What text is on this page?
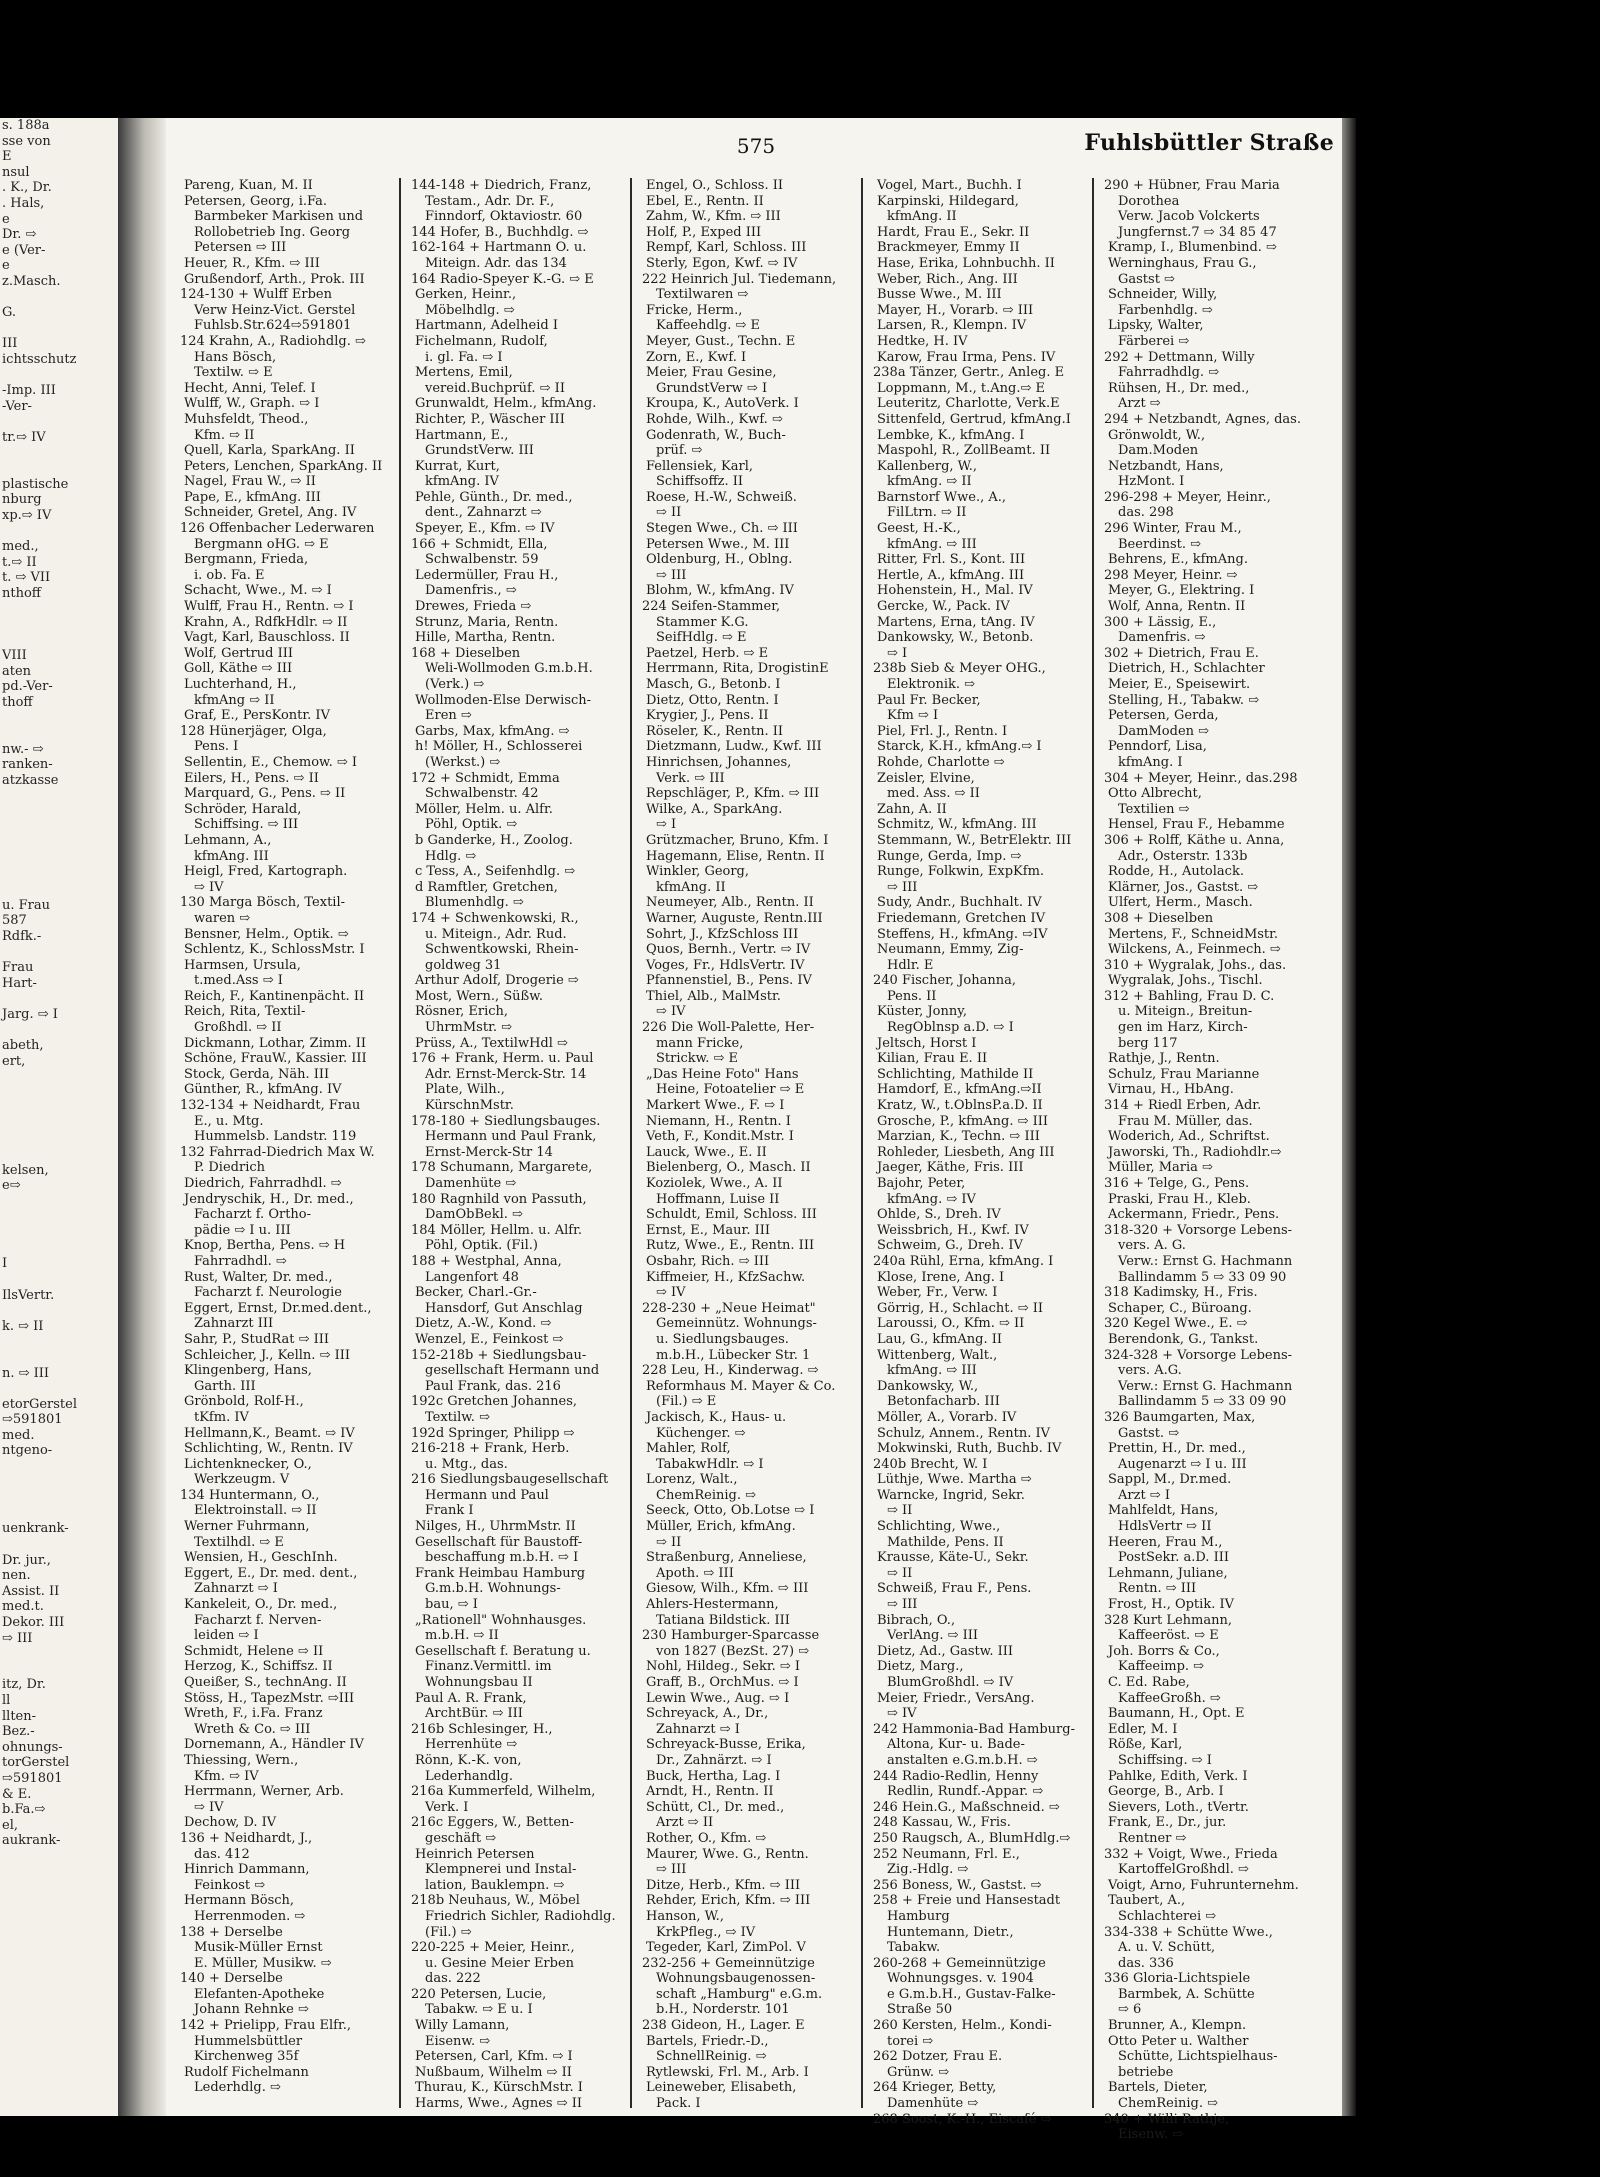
s. 188a
sse von
E
nsul
. K., Dr.
. Hals,
e
Dr. ⇨
e (Ver-
e
z.Masch.

G.

III
ichtsschutz

-Imp. III
-Ver-

tr.⇨ IV

plastische
nburg
xp.⇨ IV

med.,
t.⇨ II
t. ⇨ VII
nthoff

VIII
aten
pd.-Ver-
thoff

nw.- ⇨
ranken-
atzkasse

u. Frau
587
Rdfk.-

Frau
Hart-

Jarg. ⇨ I

abeth,
ert,

kelsen,
e⇨

I

IlsVertr.

k. ⇨ II

n. ⇨ III

etorGerstel
⇨591801
med.
ntgeno-

uenkrank-

Dr. jur.,
nen.
Assist. II
med.t.
Dekor. III
⇨ III

itz, Dr.
ll
llten-
Bez.-
ohnungs-
torGerstel
⇨591801
& E.
b.Fa.⇨
el,
aukrank-
575	Fuhlsbüttler Straße
Pareng, Kuan, M. II
Petersen, Georg, i.Fa.
Barmbeker Markisen und
Rollobetrieb Ing. Georg
Petersen ⇨ III
Heuer, R., Kfm. ⇨ III
Grußendorf, Arth., Prok. III
124-130 + Wulff Erben
Verw Heinz-Vict. Gerstel
Fuhlsb.Str.624⇨591801
124 Krahn, A., Radiohdlg. ⇨
Hans Bösch,
Textilw. ⇨ E
Hecht, Anni, Telef. I
Wulff, W., Graph. ⇨ I
Muhsfeldt, Theod.,
Kfm. ⇨ II
Quell, Karla, SparkAng. II
Peters, Lenchen, SparkAng. II
Nagel, Frau W., ⇨ II
Pape, E., kfmAng. III
Schneider, Gretel, Ang. IV
126 Offenbacher Lederwaren
Bergmann oHG. ⇨ E
Bergmann, Frieda,
i. ob. Fa. E
Schacht, Wwe., M. ⇨ I
Wulff, Frau H., Rentn. ⇨ I
Krahn, A., RdfkHdlr. ⇨ II
Vagt, Karl, Bauschloss. II
Wolf, Gertrud III
Goll, Käthe ⇨ III
Luchterhand, H.,
kfmAng ⇨ II
Graf, E., PersKontr. IV
128 Hünerjäger, Olga,
Pens. I
Sellentin, E., Chemow. ⇨ I
Eilers, H., Pens. ⇨ II
Marquard, G., Pens. ⇨ II
Schröder, Harald,
Schiffsing. ⇨ III
Lehmann, A.,
kfmAng. III
Heigl, Fred, Kartograph.
⇨ IV
130 Marga Bösch, Textil-
waren ⇨
Bensner, Helm., Optik. ⇨
Schlentz, K., SchlossMstr. I
Harmsen, Ursula,
t.med.Ass ⇨ I
Reich, F., Kantinenpächt. II
Reich, Rita, Textil-
Großhdl. ⇨ II
Dickmann, Lothar, Zimm. II
Schöne, FrauW., Kassier. III
Stock, Gerda, Näh. III
Günther, R., kfmAng. IV
132-134 + Neidhardt, Frau
E., u. Mtg.
Hummelsb. Landstr. 119
132 Fahrrad-Diedrich Max W.
P. Diedrich
Diedrich, Fahrradhdl. ⇨
Jendryschik, H., Dr. med.,
Facharzt f. Ortho-
pädie ⇨ I u. III
Knop, Bertha, Pens. ⇨ H
Fahrradhdl. ⇨
Rust, Walter, Dr. med.,
Facharzt f. Neurologie
Eggert, Ernst, Dr.med.dent.,
Zahnarzt III
Sahr, P., StudRat ⇨ III
Schleicher, J., Kelln. ⇨ III
Klingenberg, Hans,
Garth. III
Grönbold, Rolf-H.,
tKfm. IV
Hellmann,K., Beamt. ⇨ IV
Schlichting, W., Rentn. IV
Lichtenknecker, O.,
Werkzeugm. V
134 Huntermann, O.,
Elektroinstall. ⇨ II
Werner Fuhrmann,
Textilhdl. ⇨ E
Wensien, H., GeschInh.
Eggert, E., Dr. med. dent.,
Zahnarzt ⇨ I
Kankeleit, O., Dr. med.,
Facharzt f. Nerven-
leiden ⇨ I
Schmidt, Helene ⇨ II
Herzog, K., Schiffsz. II
Queißer, S., technAng. II
Stöss, H., TapezMstr. ⇨III
Wreth, F., i.Fa. Franz
Wreth & Co. ⇨ III
Dornemann, A., Händler IV
Thiessing, Wern.,
Kfm. ⇨ IV
Herrmann, Werner, Arb.
⇨ IV
Dechow, D. IV
136 + Neidhardt, J.,
das. 412
Hinrich Dammann,
Feinkost ⇨
Hermann Bösch,
Herrenmoden. ⇨
138 + Derselbe
Musik-Müller Ernst
E. Müller, Musikw. ⇨
140 + Derselbe
Elefanten-Apotheke
Johann Rehnke ⇨
142 + Prielipp, Frau Elfr.,
Hummelsbüttler
Kirchenweg 35f
Rudolf Fichelmann
Lederhdlg. ⇨
144-148 + Diedrich, Franz,
Testam., Adr. Dr. F.,
Finndorf, Oktaviostr. 60
144 Hofer, B., Buchhdlg. ⇨
162-164 + Hartmann O. u.
Miteign. Adr. das 134
164 Radio-Speyer K.-G. ⇨ E
Gerken, Heinr.,
Möbelhdlg. ⇨
Hartmann, Adelheid I
Fichelmann, Rudolf,
i. gl. Fa. ⇨ I
Mertens, Emil,
vereid.Buchprüf. ⇨ II
Grunwaldt, Helm., kfmAng.
Richter, P., Wäscher III
Hartmann, E.,
GrundstVerw. III
Kurrat, Kurt,
kfmAng. IV
Pehle, Günth., Dr. med.,
dent., Zahnarzt ⇨
Speyer, E., Kfm. ⇨ IV
166 + Schmidt, Ella,
Schwalbenstr. 59
Ledermüller, Frau H.,
Damenfris., ⇨
Drewes, Frieda ⇨
Strunz, Maria, Rentn.
Hille, Martha, Rentn.
168 + Dieselben
Weli-Wollmoden G.m.b.H.
(Verk.) ⇨
Wollmoden-Else Derwisch-
Eren ⇨
Garbs, Max, kfmAng. ⇨
h! Möller, H., Schlosserei
(Werkst.) ⇨
172 + Schmidt, Emma
Schwalbenstr. 42
Möller, Helm. u. Alfr.
Pöhl, Optik. ⇨
b Ganderke, H., Zoolog.
Hdlg. ⇨
c Tess, A., Seifenhdlg. ⇨
d Ramftler, Gretchen,
Blumenhdlg. ⇨
174 + Schwenkowski, R.,
u. Miteign., Adr. Rud.
Schwentkowski, Rhein-
goldweg 31
Arthur Adolf, Drogerie ⇨
Most, Wern., Süßw.
Rösner, Erich,
UhrmMstr. ⇨
Prüss, A., TextilwHdl ⇨
176 + Frank, Herm. u. Paul
Adr. Ernst-Merck-Str. 14
Plate, Wilh.,
KürschnMstr.
178-180 + Siedlungsbauges.
Hermann und Paul Frank,
Ernst-Merck-Str 14
178 Schumann, Margarete,
Damenhüte ⇨
180 Ragnhild von Passuth,
DamObBekl. ⇨
184 Möller, Hellm. u. Alfr.
Pöhl, Optik. (Fil.)
188 + Westphal, Anna,
Langenfort 48
Becker, Charl.-Gr.-
Hansdorf, Gut Anschlag
Dietz, A.-W., Kond. ⇨
Wenzel, E., Feinkost ⇨
152-218b + Siedlungsbau-
gesellschaft Hermann und
Paul Frank, das. 216
192c Gretchen Johannes,
Textilw. ⇨
192d Springer, Philipp ⇨
216-218 + Frank, Herb.
u. Mtg., das.
216 Siedlungsbaugesellschaft
Hermann und Paul
Frank I
Nilges, H., UhrmMstr. II
Gesellschaft für Baustoff-
beschaffung m.b.H. ⇨ I
Frank Heimbau Hamburg
G.m.b.H. Wohnungs-
bau, ⇨ I
„Rationell" Wohnhausges.
m.b.H. ⇨ II
Gesellschaft f. Beratung u.
Finanz.Vermittl. im
Wohnungsbau II
Paul A. R. Frank,
ArchtBür. ⇨ III
216b Schlesinger, H.,
Herrenhüte ⇨
Rönn, K.-K. von,
Lederhandlg.
216a Kummerfeld, Wilhelm,
Verk. I
216c Eggers, W., Betten-
geschäft ⇨
Heinrich Petersen
Klempnerei und Instal-
lation, Bauklempn. ⇨
218b Neuhaus, W., Möbel
Friedrich Sichler, Radiohdlg.
(Fil.) ⇨
220-225 + Meier, Heinr.,
u. Gesine Meier Erben
das. 222
220 Petersen, Lucie,
Tabakw. ⇨ E u. I
Willy Lamann,
Eisenw. ⇨
Petersen, Carl, Kfm. ⇨ I
Nußbaum, Wilhelm ⇨ II
Thurau, K., KürschMstr. I
Harms, Wwe., Agnes ⇨ II
Engel, O., Schloss. II
Ebel, E., Rentn. II
Zahm, W., Kfm. ⇨ III
Holf, P., Exped III
Rempf, Karl, Schloss. III
Sterly, Egon, Kwf. ⇨ IV
222 Heinrich Jul. Tiedemann,
Textilwaren ⇨
Fricke, Herm.,
Kaffeehdlg. ⇨ E
Meyer, Gust., Techn. E
Zorn, E., Kwf. I
Meier, Frau Gesine,
GrundstVerw ⇨ I
Kroupa, K., AutoVerk. I
Rohde, Wilh., Kwf. ⇨
Godenrath, W., Buch-
prüf. ⇨
Fellensiek, Karl,
Schiffsoffz. II
Roese, H.-W., Schweiß.
⇨ II
Stegen Wwe., Ch. ⇨ III
Petersen Wwe., M. III
Oldenburg, H., Oblng.
⇨ III
Blohm, W., kfmAng. IV
224 Seifen-Stammer,
Stammer K.G.
SeifHdlg. ⇨ E
Paetzel, Herb. ⇨ E
Herrmann, Rita, DrogistinE
Masch, G., Betonb. I
Dietz, Otto, Rentn. I
Krygier, J., Pens. II
Röseler, K., Rentn. II
Dietzmann, Ludw., Kwf. III
Hinrichsen, Johannes,
Verk. ⇨ III
Repschläger, P., Kfm. ⇨ III
Wilke, A., SparkAng.
⇨ I
Grützmacher, Bruno, Kfm. I
Hagemann, Elise, Rentn. II
Winkler, Georg,
kfmAng. II
Neumeyer, Alb., Rentn. II
Warner, Auguste, Rentn.III
Sohrt, J., KfzSchloss III
Quos, Bernh., Vertr. ⇨ IV
Voges, Fr., HdlsVertr. IV
Pfannenstiel, B., Pens. IV
Thiel, Alb., MalMstr.
⇨ IV
226 Die Woll-Palette, Her-
mann Fricke,
Strickw. ⇨ E
„Das Heine Foto" Hans
Heine, Fotoatelier ⇨ E
Markert Wwe., F. ⇨ I
Niemann, H., Rentn. I
Veth, F., Kondit.Mstr. I
Lauck, Wwe., E. II
Bielenberg, O., Masch. II
Koziolek, Wwe., A. II
Hoffmann, Luise II
Schuldt, Emil, Schloss. III
Ernst, E., Maur. III
Rutz, Wwe., E., Rentn. III
Osbahr, Rich. ⇨ III
Kiffmeier, H., KfzSachw.
⇨ IV
228-230 + „Neue Heimat"
Gemeinnütz. Wohnungs-
u. Siedlungsbauges.
m.b.H., Lübecker Str. 1
228 Leu, H., Kinderwag. ⇨
Reformhaus M. Mayer & Co.
(Fil.) ⇨ E
Jackisch, K., Haus- u.
Küchenger. ⇨
Mahler, Rolf,
TabakwHdlr. ⇨ I
Lorenz, Walt.,
ChemReinig. ⇨
Seeck, Otto, Ob.Lotse ⇨ I
Müller, Erich, kfmAng.
⇨ II
Straßenburg, Anneliese,
Apoth. ⇨ III
Giesow, Wilh., Kfm. ⇨ III
Ahlers-Hestermann,
Tatiana Bildstick. III
230 Hamburger-Sparcasse
von 1827 (BezSt. 27) ⇨
Nohl, Hildeg., Sekr. ⇨ I
Graff, B., OrchMus. ⇨ I
Lewin Wwe., Aug. ⇨ I
Schreyack, A., Dr.,
Zahnarzt ⇨ I
Schreyack-Busse, Erika,
Dr., Zahnärzt. ⇨ I
Buck, Hertha, Lag. I
Arndt, H., Rentn. II
Schütt, Cl., Dr. med.,
Arzt ⇨ II
Rother, O., Kfm. ⇨
Maurer, Wwe. G., Rentn.
⇨ III
Ditze, Herb., Kfm. ⇨ III
Rehder, Erich, Kfm. ⇨ III
Hanson, W.,
KrkPfleg., ⇨ IV
Tegeder, Karl, ZimPol. V
232-256 + Gemeinnützige
Wohnungsbaugenossen-
schaft „Hamburg" e.G.m.
b.H., Norderstr. 101
238 Gideon, H., Lager. E
Bartels, Friedr.-D.,
SchnellReinig. ⇨
Rytlewski, Frl. M., Arb. I
Leineweber, Elisabeth,
Pack. I
Vogel, Mart., Buchh. I
Karpinski, Hildegard,
kfmAng. II
Hardt, Frau E., Sekr. II
Brackmeyer, Emmy II
Hase, Erika, Lohnbuchh. II
Weber, Rich., Ang. III
Busse Wwe., M. III
Mayer, H., Vorarb. ⇨ III
Larsen, R., Klempn. IV
Hedtke, H. IV
Karow, Frau Irma, Pens. IV
238a Tänzer, Gertr., Anleg. E
Loppmann, M., t.Ang.⇨ E
Leuteritz, Charlotte, Verk.E
Sittenfeld, Gertrud, kfmAng.I
Lembke, K., kfmAng. I
Maspohl, R., ZollBeamt. II
Kallenberg, W.,
kfmAng. ⇨ II
Barnstorf Wwe., A.,
FilLtrn. ⇨ II
Geest, H.-K.,
kfmAng. ⇨ III
Ritter, Frl. S., Kont. III
Hertle, A., kfmAng. III
Hohenstein, H., Mal. IV
Gercke, W., Pack. IV
Martens, Erna, tAng. IV
Dankowsky, W., Betonb.
⇨ I
238b Sieb & Meyer OHG.,
Elektronik. ⇨
Paul Fr. Becker,
Kfm ⇨ I
Piel, Frl. J., Rentn. I
Starck, K.H., kfmAng.⇨ I
Rohde, Charlotte ⇨
Zeisler, Elvine,
med. Ass. ⇨ II
Zahn, A. II
Schmitz, W., kfmAng. III
Stemmann, W., BetrElektr. III
Runge, Gerda, Imp. ⇨
Runge, Folkwin, ExpKfm.
⇨ III
Sudy, Andr., Buchhalt. IV
Friedemann, Gretchen IV
Steffens, H., kfmAng. ⇨IV
Neumann, Emmy, Zig-
Hdlr. E
240 Fischer, Johanna,
Pens. II
Küster, Jonny,
RegOblnsp a.D. ⇨ I
Jeltsch, Horst I
Kilian, Frau E. II
Schlichting, Mathilde II
Hamdorf, E., kfmAng.⇨II
Kratz, W., t.OblnsP.a.D. II
Grosche, P., kfmAng. ⇨ III
Marzian, K., Techn. ⇨ III
Rohleder, Liesbeth, Ang III
Jaeger, Käthe, Fris. III
Bajohr, Peter,
kfmAng. ⇨ IV
Ohlde, S., Dreh. IV
Weissbrich, H., Kwf. IV
Schweim, G., Dreh. IV
240a Rühl, Erna, kfmAng. I
Klose, Irene, Ang. I
Weber, Fr., Verw. I
Görrig, H., Schlacht. ⇨ II
Laroussi, O., Kfm. ⇨ II
Lau, G., kfmAng. II
Wittenberg, Walt.,
kfmAng. ⇨ III
Dankowsky, W.,
Betonfacharb. III
Möller, A., Vorarb. IV
Schulz, Annem., Rentn. IV
Mokwinski, Ruth, Buchb. IV
240b Brecht, W. I
Lüthje, Wwe. Martha ⇨
Warncke, Ingrid, Sekr.
⇨ II
Schlichting, Wwe.,
Mathilde, Pens. II
Krausse, Käte-U., Sekr.
⇨ II
Schweiß, Frau F., Pens.
⇨ III
Bibrach, O.,
VerlAng. ⇨ III
Dietz, Ad., Gastw. III
Dietz, Marg.,
BlumGroßhdl. ⇨ IV
Meier, Friedr., VersAng.
⇨ IV
242 Hammonia-Bad Hamburg-
Altona, Kur- u. Bade-
anstalten e.G.m.b.H. ⇨
244 Radio-Redlin, Henny
Redlin, Rundf.-Appar. ⇨
246 Hein.G., Maßschneid. ⇨
248 Kassau, W., Fris.
250 Raugsch, A., BlumHdlg.⇨
252 Neumann, Frl. E.,
Zig.-Hdlg. ⇨
256 Boness, W., Gastst. ⇨
258 + Freie und Hansestadt
Hamburg
Huntemann, Dietr.,
Tabakw.
260-268 + Gemeinnützige
Wohnungsges. v. 1904
e G.m.b.H., Gustav-Falke-
Straße 50
260 Kersten, Helm., Kondi-
torei ⇨
262 Dotzer, Frau E.
Grünw. ⇨
264 Krieger, Betty,
Damenhüte ⇨
268 Soost, K.-H., Eiscafé ⇨
290 + Hübner, Frau Maria
Dorothea
Verw. Jacob Volckerts
Jungfernst.7 ⇨ 34 85 47
Kramp, I., Blumenbind. ⇨
Werninghaus, Frau G.,
Gastst ⇨
Schneider, Willy,
Farbenhdlg. ⇨
Lipsky, Walter,
Färberei ⇨
292 + Dettmann, Willy
Fahrradhdlg. ⇨
Rühsen, H., Dr. med.,
Arzt ⇨
294 + Netzbandt, Agnes, das.
Grönwoldt, W.,
Dam.Moden
Netzbandt, Hans,
HzMont. I
296-298 + Meyer, Heinr.,
das. 298
296 Winter, Frau M.,
Beerdinst. ⇨
Behrens, E., kfmAng.
298 Meyer, Heinr. ⇨
Meyer, G., Elektring. I
Wolf, Anna, Rentn. II
300 + Lässig, E.,
Damenfris. ⇨
302 + Dietrich, Frau E.
Dietrich, H., Schlachter
Meier, E., Speisewirt.
Stelling, H., Tabakw. ⇨
Petersen, Gerda,
DamModen ⇨
Penndorf, Lisa,
kfmAng. I
304 + Meyer, Heinr., das.298
Otto Albrecht,
Textilien ⇨
Hensel, Frau F., Hebamme
306 + Rolff, Käthe u. Anna,
Adr., Osterstr. 133b
Rodde, H., Autolack.
Klärner, Jos., Gastst. ⇨
Ulfert, Herm., Masch.
308 + Dieselben
Mertens, F., SchneidMstr.
Wilckens, A., Feinmech. ⇨
310 + Wygralak, Johs., das.
Wygralak, Johs., Tischl.
312 + Bahling, Frau D. C.
u. Miteign., Breitun-
gen im Harz, Kirch-
berg 117
Rathje, J., Rentn.
Schulz, Frau Marianne
Virnau, H., HbAng.
314 + Riedl Erben, Adr.
Frau M. Müller, das.
Woderich, Ad., Schriftst.
Jaworski, Th., Radiohdlr.⇨
Müller, Maria ⇨
316 + Telge, G., Pens.
Praski, Frau H., Kleb.
Ackermann, Friedr., Pens.
318-320 + Vorsorge Lebens-
vers. A. G.
Verw.: Ernst G. Hachmann
Ballindamm 5 ⇨ 33 09 90
318 Kadimsky, H., Fris.
Schaper, C., Büroang.
320 Kegel Wwe., E. ⇨
Berendonk, G., Tankst.
324-328 + Vorsorge Lebens-
vers. A.G.
Verw.: Ernst G. Hachmann
Ballindamm 5 ⇨ 33 09 90
326 Baumgarten, Max,
Gastst. ⇨
Prettin, H., Dr. med.,
Augenarzt ⇨ I u. III
Sappl, M., Dr.med.
Arzt ⇨ I
Mahlfeldt, Hans,
HdlsVertr ⇨ II
Heeren, Frau M.,
PostSekr. a.D. III
Lehmann, Juliane,
Rentn. ⇨ III
Frost, H., Optik. IV
328 Kurt Lehmann,
Kaffeeröst. ⇨ E
Joh. Borrs & Co.,
Kaffeeimp. ⇨
C. Ed. Rabe,
KaffeeGroßh. ⇨
Baumann, H., Opt. E
Edler, M. I
Röße, Karl,
Schiffsing. ⇨ I
Pahlke, Edith, Verk. I
George, B., Arb. I
Sievers, Loth., tVertr.
Frank, E., Dr., jur.
Rentner ⇨
332 + Voigt, Wwe., Frieda
KartoffelGroßhdl. ⇨
Voigt, Arno, Fuhrunternehm.
Taubert, A.,
Schlachterei ⇨
334-338 + Schütte Wwe.,
A. u. V. Schütt,
das. 336
336 Gloria-Lichtspiele
Barmbek, A. Schütte
⇨ 6
Brunner, A., Klempn.
Otto Peter u. Walther
Schütte, Lichtspielhaus-
betriebe
Bartels, Dieter,
ChemReinig. ⇨
340 + Willi Rathje,
Eisenw. ⇨
